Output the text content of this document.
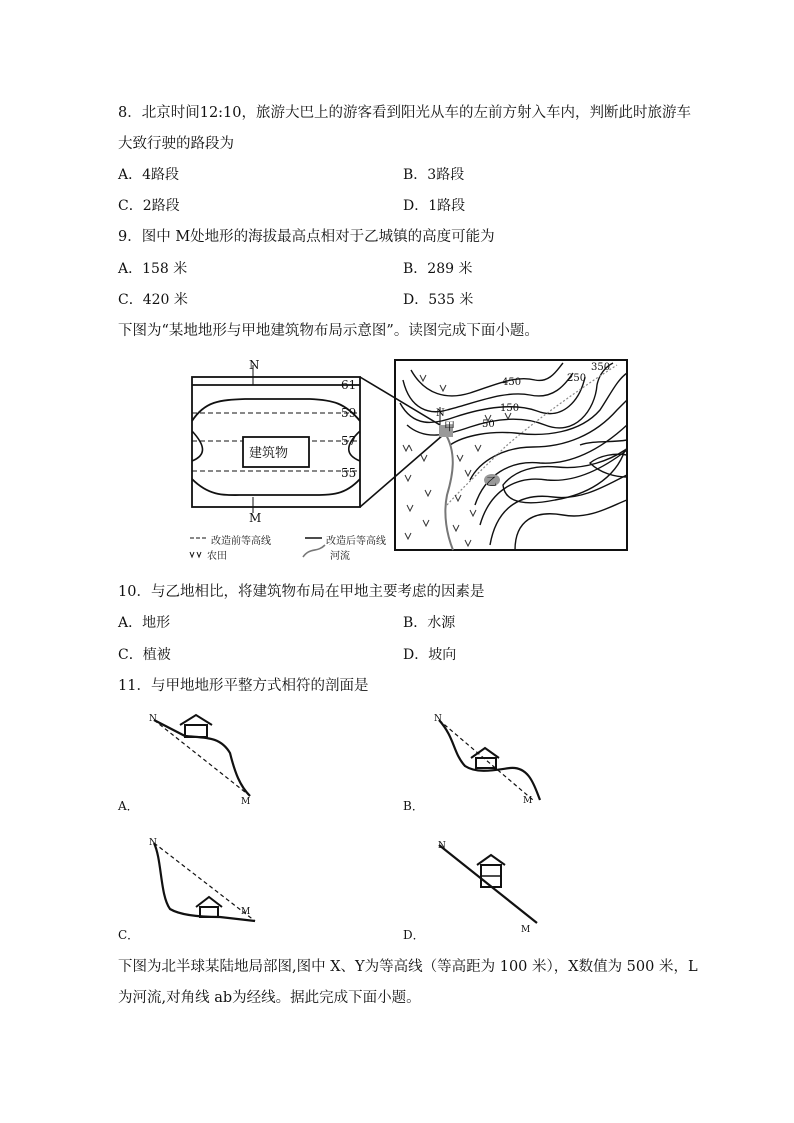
8．北京时间12:10，旅游大巴上的游客看到阳光从车的左前方射入车内，判断此时旅游车
大致行驶的路段为
A．4路段	B．3路段
C．2路段	D．1路段
9．图中 M处地形的海拔最高点相对于乙城镇的高度可能为
A．158 米	B．289 米
C．420 米	D．535 米
下图为“某地地形与甲地建筑物布局示意图”。读图完成下面小题。
N
M
61
59
57
55
建筑物
450
350
250
150
50
N
甲
乙
改造前等高线	改造后等高线
农田	河流
10．与乙地相比，将建筑物布局在甲地主要考虑的因素是
A．地形	B．水源
C．植被	D．坡向
11．与甲地地形平整方式相符的剖面是
N
M
N
M
N
M
N
M
A．	B．
C．	D．
下图为北半球某陆地局部图,图中 X、Y为等高线（等高距为 100 米），X数值为 500 米，L
为河流,对角线 ab为经线。据此完成下面小题。
